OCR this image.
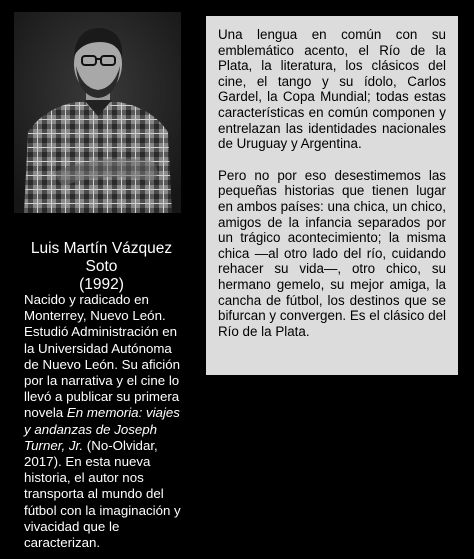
Luis Martín Vázquez Soto
(1992)
Nacido y radicado en Monterrey, Nuevo León. Estudió Administración en la Universidad Autónoma de Nuevo León. Su afición por la narrativa y el cine lo llevó a publicar su primera novela En memoria: viajes y andanzas de Joseph Turner, Jr. (No-Olvidar, 2017). En esta nueva historia, el autor nos transporta al mundo del fútbol con la imaginación y vivacidad que le caracterizan.

Una lengua en común con su emblemático acento, el Río de la Plata, la literatura, los clásicos del cine, el tango y su ídolo, Carlos Gardel, la Copa Mundial; todas estas características en común componen y entrelazan las identidades nacionales de Uruguay y Argentina.

Pero no por eso desestimemos las pequeñas historias que tienen lugar en ambos países: una chica, un chico, amigos de la infancia separados por un trágico acontecimiento; la misma chica —al otro lado del río, cuidando rehacer su vida—, otro chico, su hermano gemelo, su mejor amiga, la cancha de fútbol, los destinos que se bifurcan y convergen. Es el clásico del Río de la Plata.
